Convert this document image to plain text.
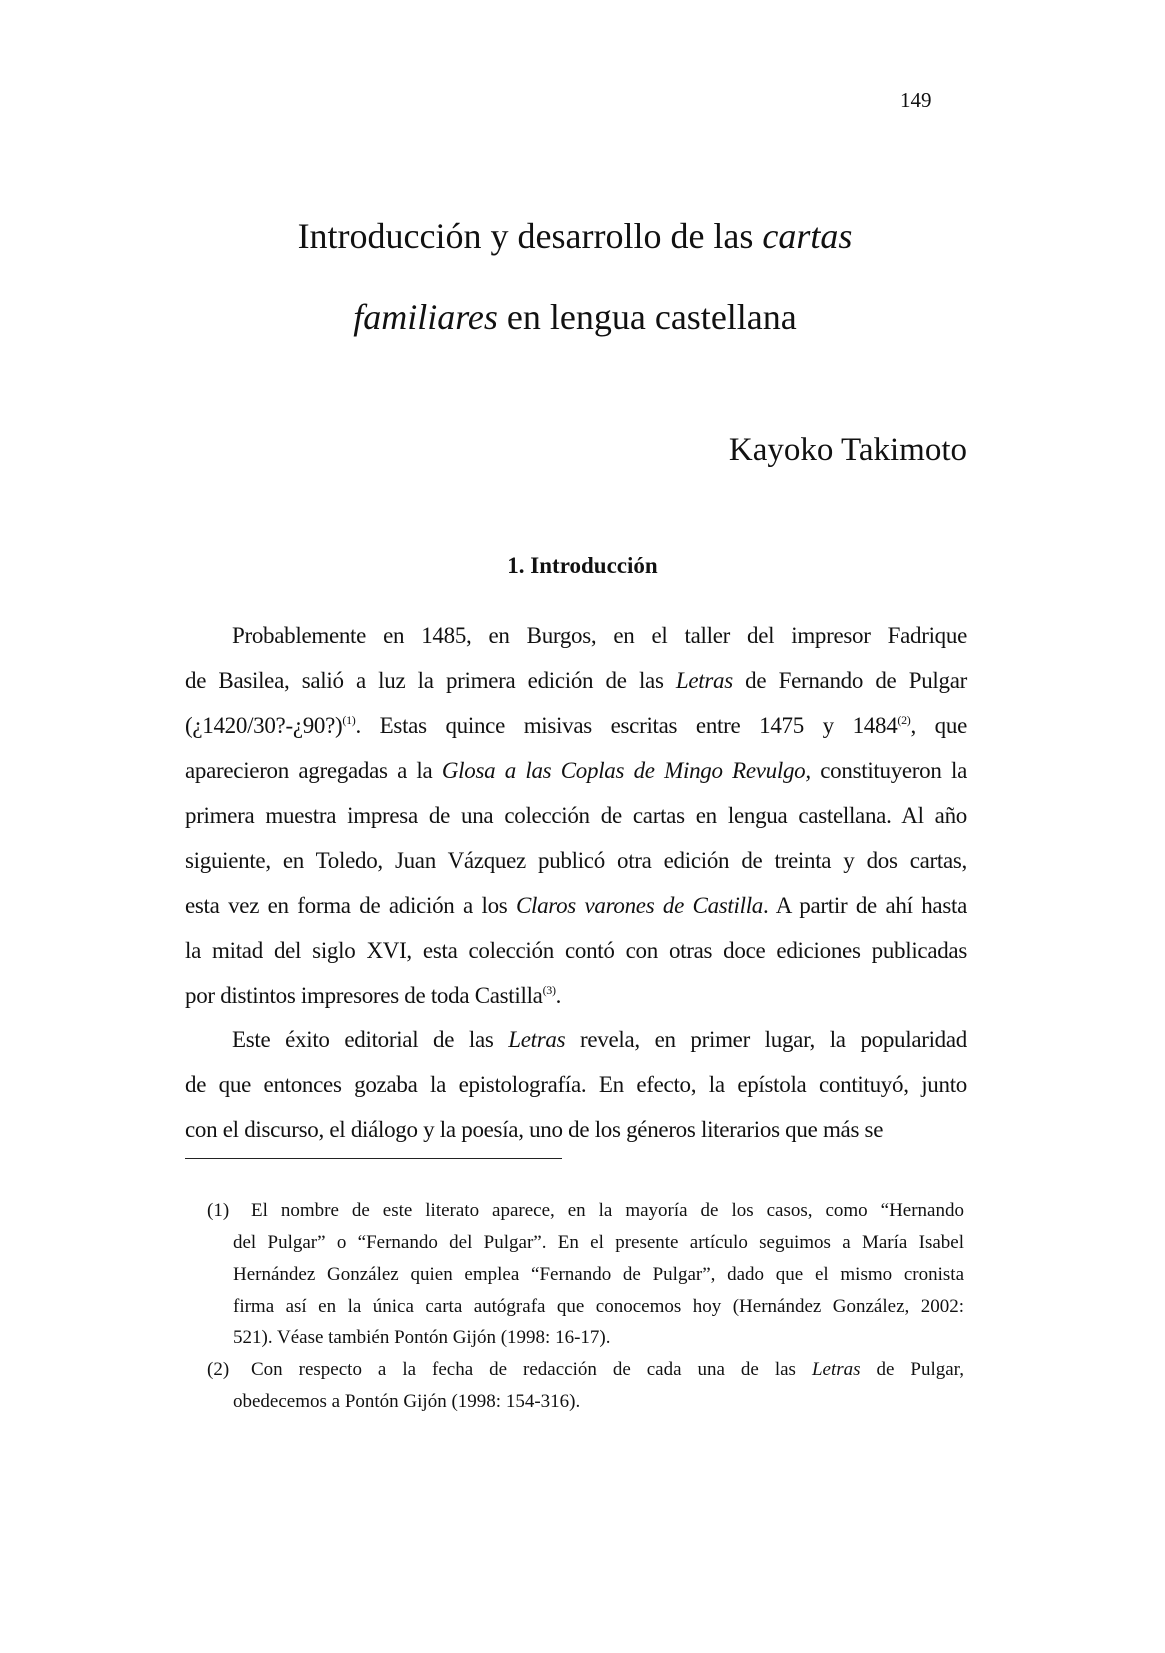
149
Introducción y desarrollo de las cartas
familiares en lengua castellana
Kayoko Takimoto
1. Introducción
Probablemente en 1485, en Burgos, en el taller del impresor Fadrique
de Basilea, salió a luz la primera edición de las Letras de Fernando de Pulgar
(¿1420/30?-¿90?)$^{(1)}$. Estas quince misivas escritas entre 1475 y 1484$^{(2)}$, que
aparecieron agregadas a la Glosa a las Coplas de Mingo Revulgo, constituyeron la
primera muestra impresa de una colección de cartas en lengua castellana. Al año
siguiente, en Toledo, Juan Vázquez publicó otra edición de treinta y dos cartas,
esta vez en forma de adición a los Claros varones de Castilla. A partir de ahí hasta
la mitad del siglo XVI, esta colección contó con otras doce ediciones publicadas
por distintos impresores de toda Castilla$^{(3)}$.
Este éxito editorial de las Letras revela, en primer lugar, la popularidad
de que entonces gozaba la epistolografía. En efecto, la epístola contituyó, junto
con el discurso, el diálogo y la poesía, uno de los géneros literarios que más se
(1) El nombre de este literato aparece, en la mayoría de los casos, como “Hernando
del Pulgar” o “Fernando del Pulgar”. En el presente artículo seguimos a María Isabel
Hernández González quien emplea “Fernando de Pulgar”, dado que el mismo cronista
firma así en la única carta autógrafa que conocemos hoy (Hernández González, 2002:
521). Véase también Pontón Gijón (1998: 16-17).
(2) Con respecto a la fecha de redacción de cada una de las Letras de Pulgar,
obedecemos a Pontón Gijón (1998: 154-316).
